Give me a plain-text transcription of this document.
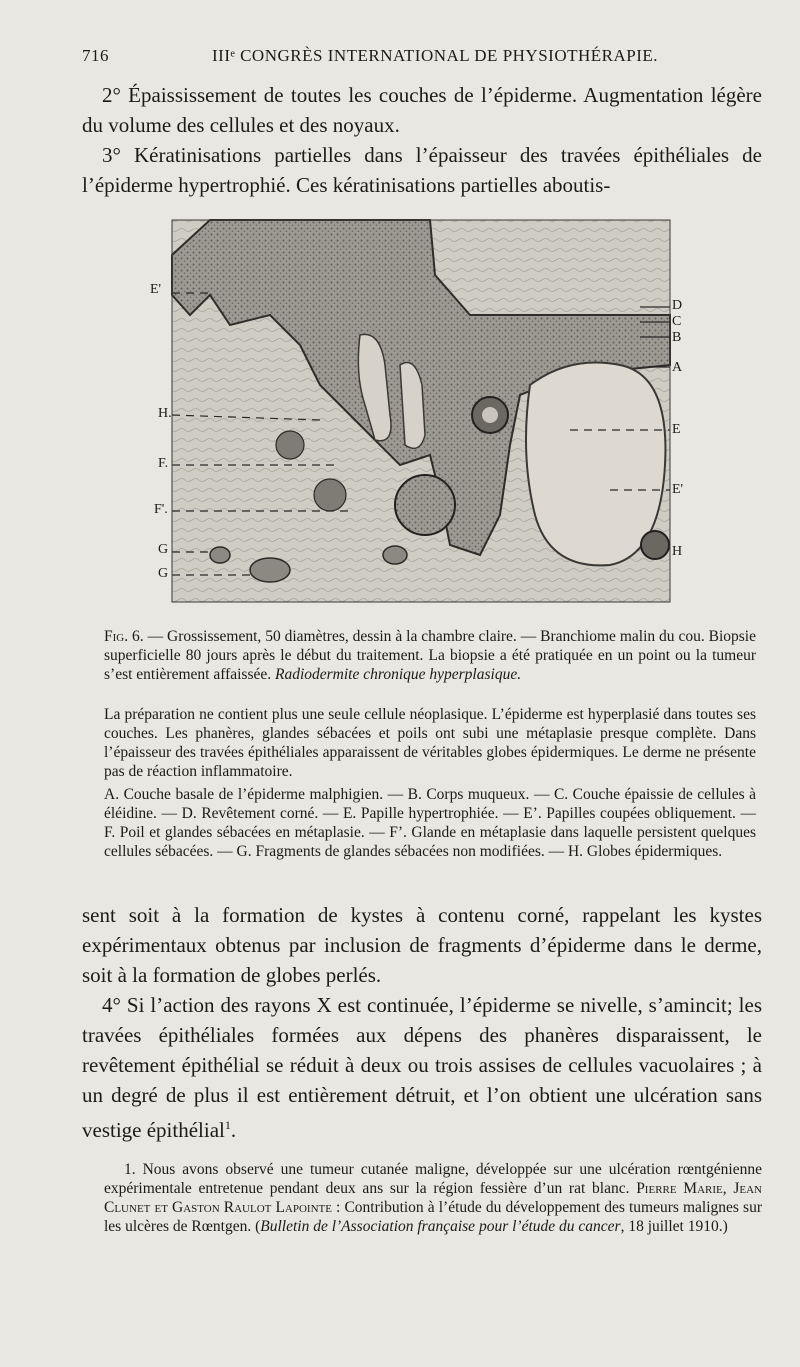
716	IIIᵉ CONGRÈS INTERNATIONAL DE PHYSIOTHÉRAPIE.

2° Épaississement de toutes les couches de l’épiderme. Augmentation légère du volume des cellules et des noyaux.

3° Kératinisations partielles dans l’épaisseur des travées épithéliales de l’épiderme hypertrophié. Ces kératinisations partielles aboutis-

E'
H.
F.
F'.
G
G
D
C
B
A
E
E'
H

Fig. 6. — Grossissement, 50 diamètres, dessin à la chambre claire. — Branchiome malin du cou. Biopsie superficielle 80 jours après le début du traitement. La biopsie a été pratiquée en un point ou la tumeur s’est entièrement affaissée. Radiodermite chronique hyperplasique.

La préparation ne contient plus une seule cellule néoplasique. L’épiderme est hyperplasié dans toutes ses couches. Les phanères, glandes sébacées et poils ont subi une métaplasie presque complète. Dans l’épaisseur des travées épithéliales apparaissent de véritables globes épidermiques. Le derme ne présente pas de réaction inflammatoire.

A. Couche basale de l’épiderme malphigien. — B. Corps muqueux. — C. Couche épaissie de cellules à éléidine. — D. Revêtement corné. — E. Papille hypertrophiée. — E’. Papilles coupées obliquement. — F. Poil et glandes sébacées en métaplasie. — F’. Glande en métaplasie dans laquelle persistent quelques cellules sébacées. — G. Fragments de glandes sébacées non modifiées. — H. Globes épidermiques.

sent soit à la formation de kystes à contenu corné, rappelant les kystes expérimentaux obtenus par inclusion de fragments d’épiderme dans le derme, soit à la formation de globes perlés.

4° Si l’action des rayons X est continuée, l’épiderme se nivelle, s’amincit; les travées épithéliales formées aux dépens des phanères disparaissent, le revêtement épithélial se réduit à deux ou trois assises de cellules vacuolaires ; à un degré de plus il est entièrement détruit, et l’on obtient une ulcération sans vestige épithélial$^1$.

1. Nous avons observé une tumeur cutanée maligne, développée sur une ulcération rœntgénienne expérimentale entretenue pendant deux ans sur la région fessière d’un rat blanc. Pierre Marie, Jean Clunet et Gaston Raulot Lapointe : Contribution à l’étude du développement des tumeurs malignes sur les ulcères de Rœntgen. (Bulletin de l’Association française pour l’étude du cancer, 18 juillet 1910.)
